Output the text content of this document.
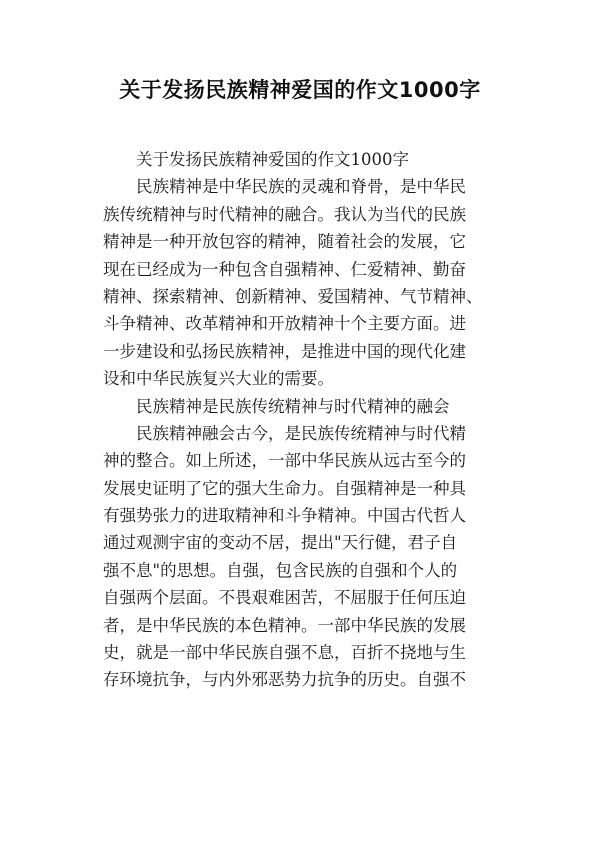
关于发扬民族精神爱国的作文1000字
关于发扬民族精神爱国的作文1000字
民族精神是中华民族的灵魂和脊骨，是中华民
族传统精神与时代精神的融合。我认为当代的民族
精神是一种开放包容的精神，随着社会的发展，它
现在已经成为一种包含自强精神、仁爱精神、勤奋
精神、探索精神、创新精神、爱国精神、气节精神、
斗争精神、改革精神和开放精神十个主要方面。进
一步建设和弘扬民族精神，是推进中国的现代化建
设和中华民族复兴大业的需要。
民族精神是民族传统精神与时代精神的融会
民族精神融会古今，是民族传统精神与时代精
神的整合。如上所述，一部中华民族从远古至今的
发展史证明了它的强大生命力。自强精神是一种具
有强势张力的进取精神和斗争精神。中国古代哲人
通过观测宇宙的变动不居，提出"天行健，君子自
强不息"的思想。自强，包含民族的自强和个人的
自强两个层面。不畏艰难困苦，不屈服于任何压迫
者，是中华民族的本色精神。一部中华民族的发展
史，就是一部中华民族自强不息，百折不挠地与生
存环境抗争，与内外邪恶势力抗争的历史。自强不
